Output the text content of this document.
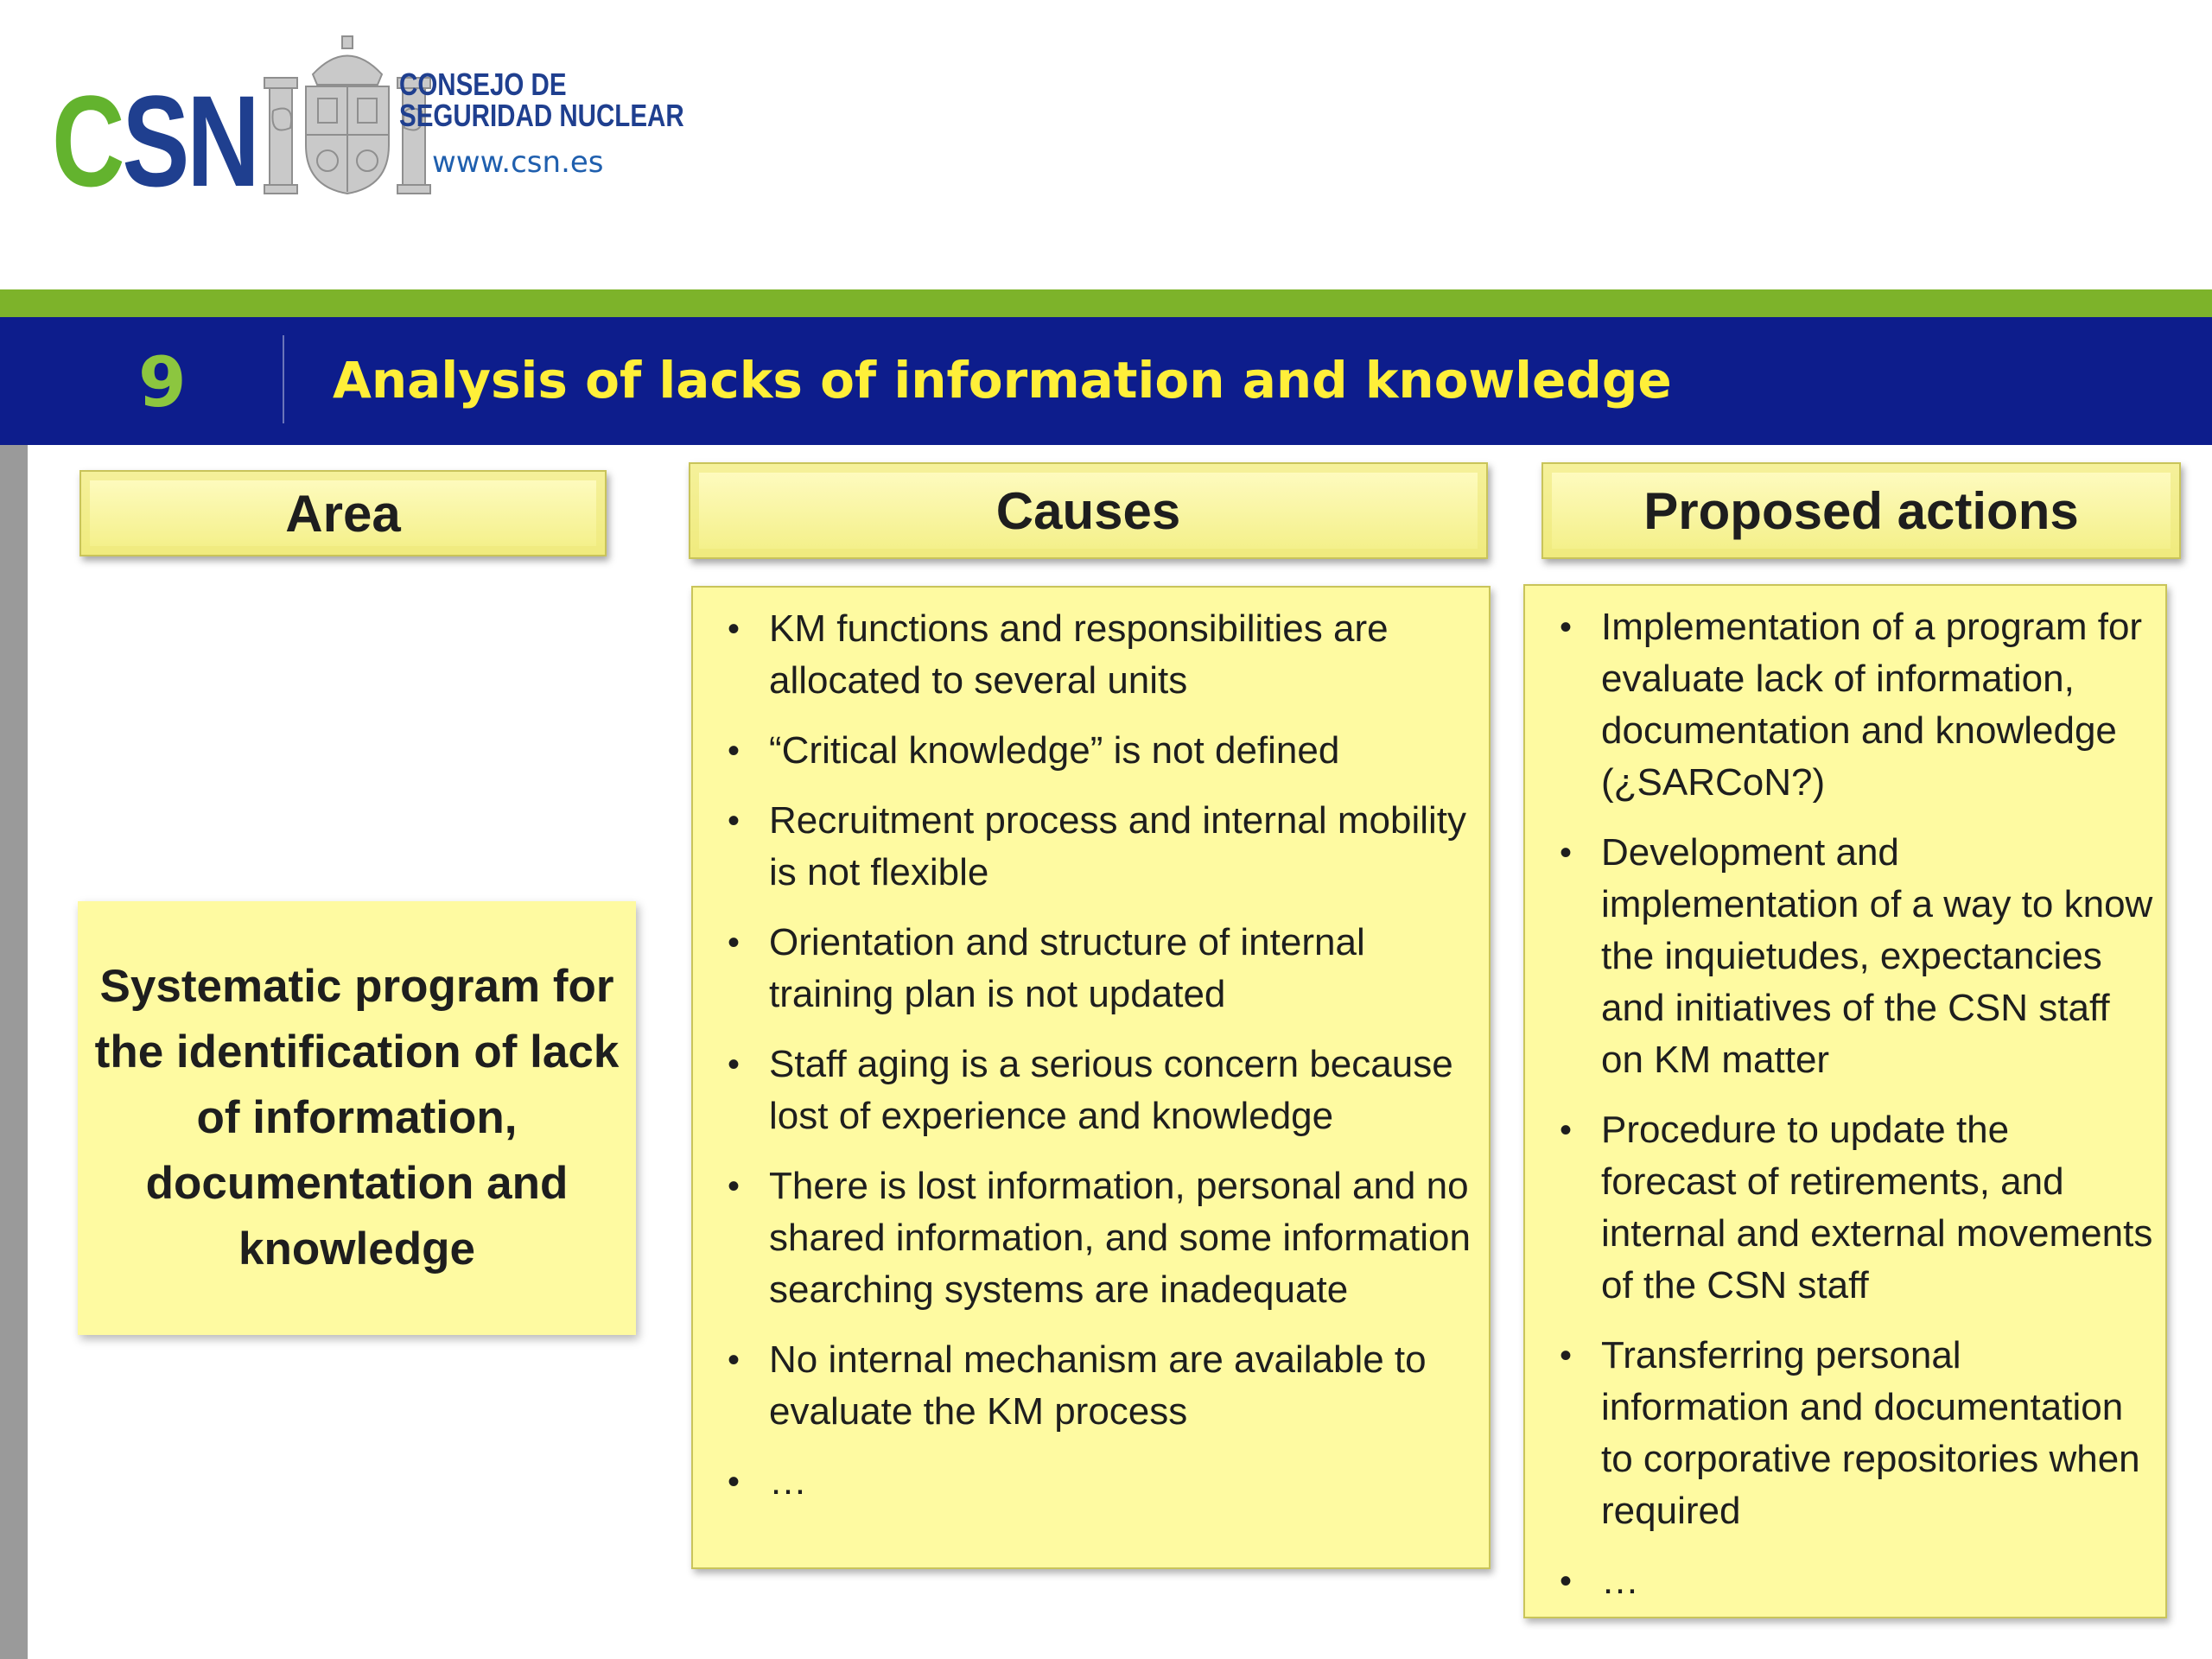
CSN	CONSEJO DE
SEGURIDAD NUCLEAR
www.csn.es
9	Analysis of lacks of information and knowledge
Area	Causes	Proposed actions
Systematic program for the identification of lack of information, documentation and knowledge
• KM functions and responsibilities are allocated to several units
• “Critical knowledge” is not defined
• Recruitment process and internal mobility is not flexible
• Orientation and structure of internal training plan is not updated
• Staff aging is a serious concern because lost of experience and knowledge
• There is lost information, personal and no shared information, and some information searching systems are inadequate
• No internal mechanism are available to evaluate the KM process
• …
• Implementation of a program for evaluate lack of information, documentation and knowledge (¿SARCoN?)
• Development and implementation of a way to know the inquietudes, expectancies and initiatives of the CSN staff on KM matter
• Procedure to update the forecast of retirements, and internal and external movements of the CSN staff
• Transferring personal information and documentation to corporative repositories when required
• …
